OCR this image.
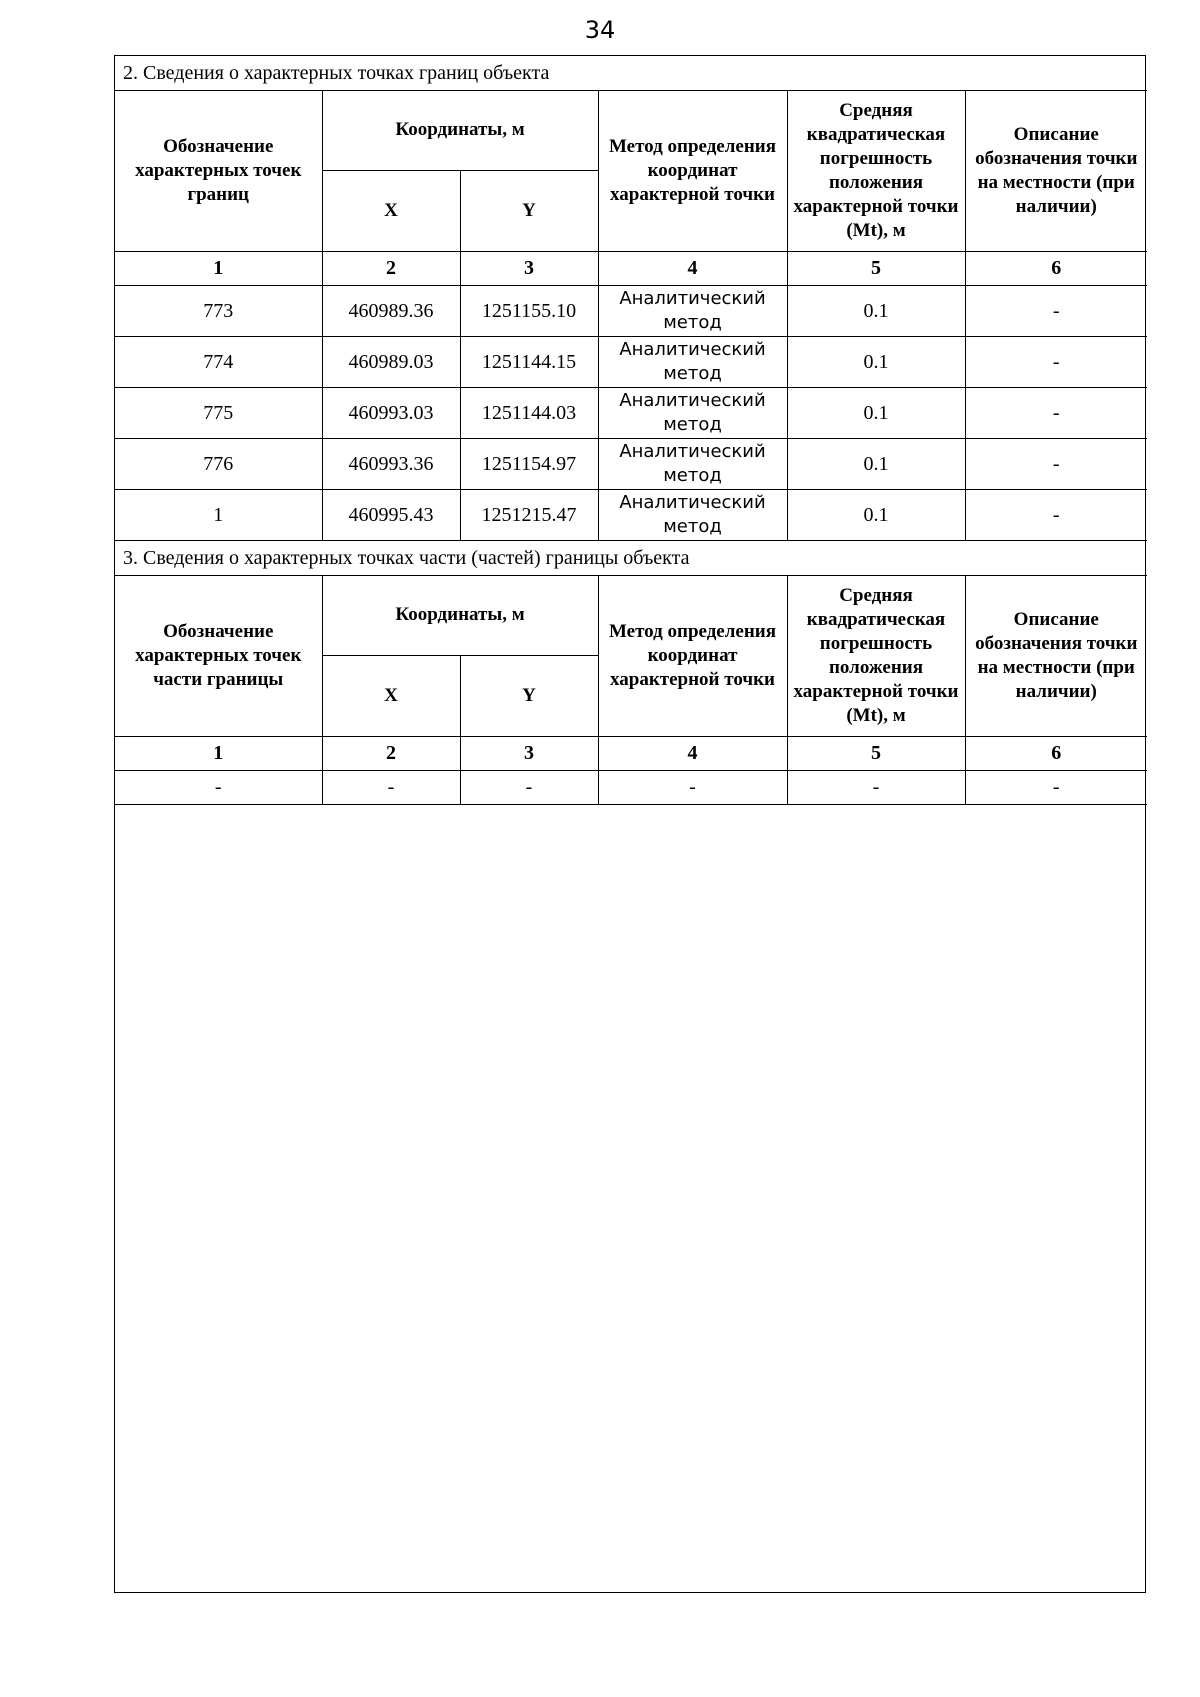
34
2. Сведения о характерных точках границ объекта					
Обозначение характерных точек границ	Координаты, м		Метод определения координат характерной точки	Средняя квадратическая погрешность положения характерной точки (Mt), м	Описание обозначения точки на местности (при наличии)
	X	Y			
1	2	3	4	5	6
773	460989.36	1251155.10	Аналитический метод	0.1	-
774	460989.03	1251144.15	Аналитический метод	0.1	-
775	460993.03	1251144.03	Аналитический метод	0.1	-
776	460993.36	1251154.97	Аналитический метод	0.1	-
1	460995.43	1251215.47	Аналитический метод	0.1	-
3. Сведения о характерных точках части (частей) границы объекта					
Обозначение характерных точек части границы	Координаты, м		Метод определения координат характерной точки	Средняя квадратическая погрешность положения характерной точки (Mt), м	Описание обозначения точки на местности (при наличии)
	X	Y			
1	2	3	4	5	6
-	-	-	-	-	-
